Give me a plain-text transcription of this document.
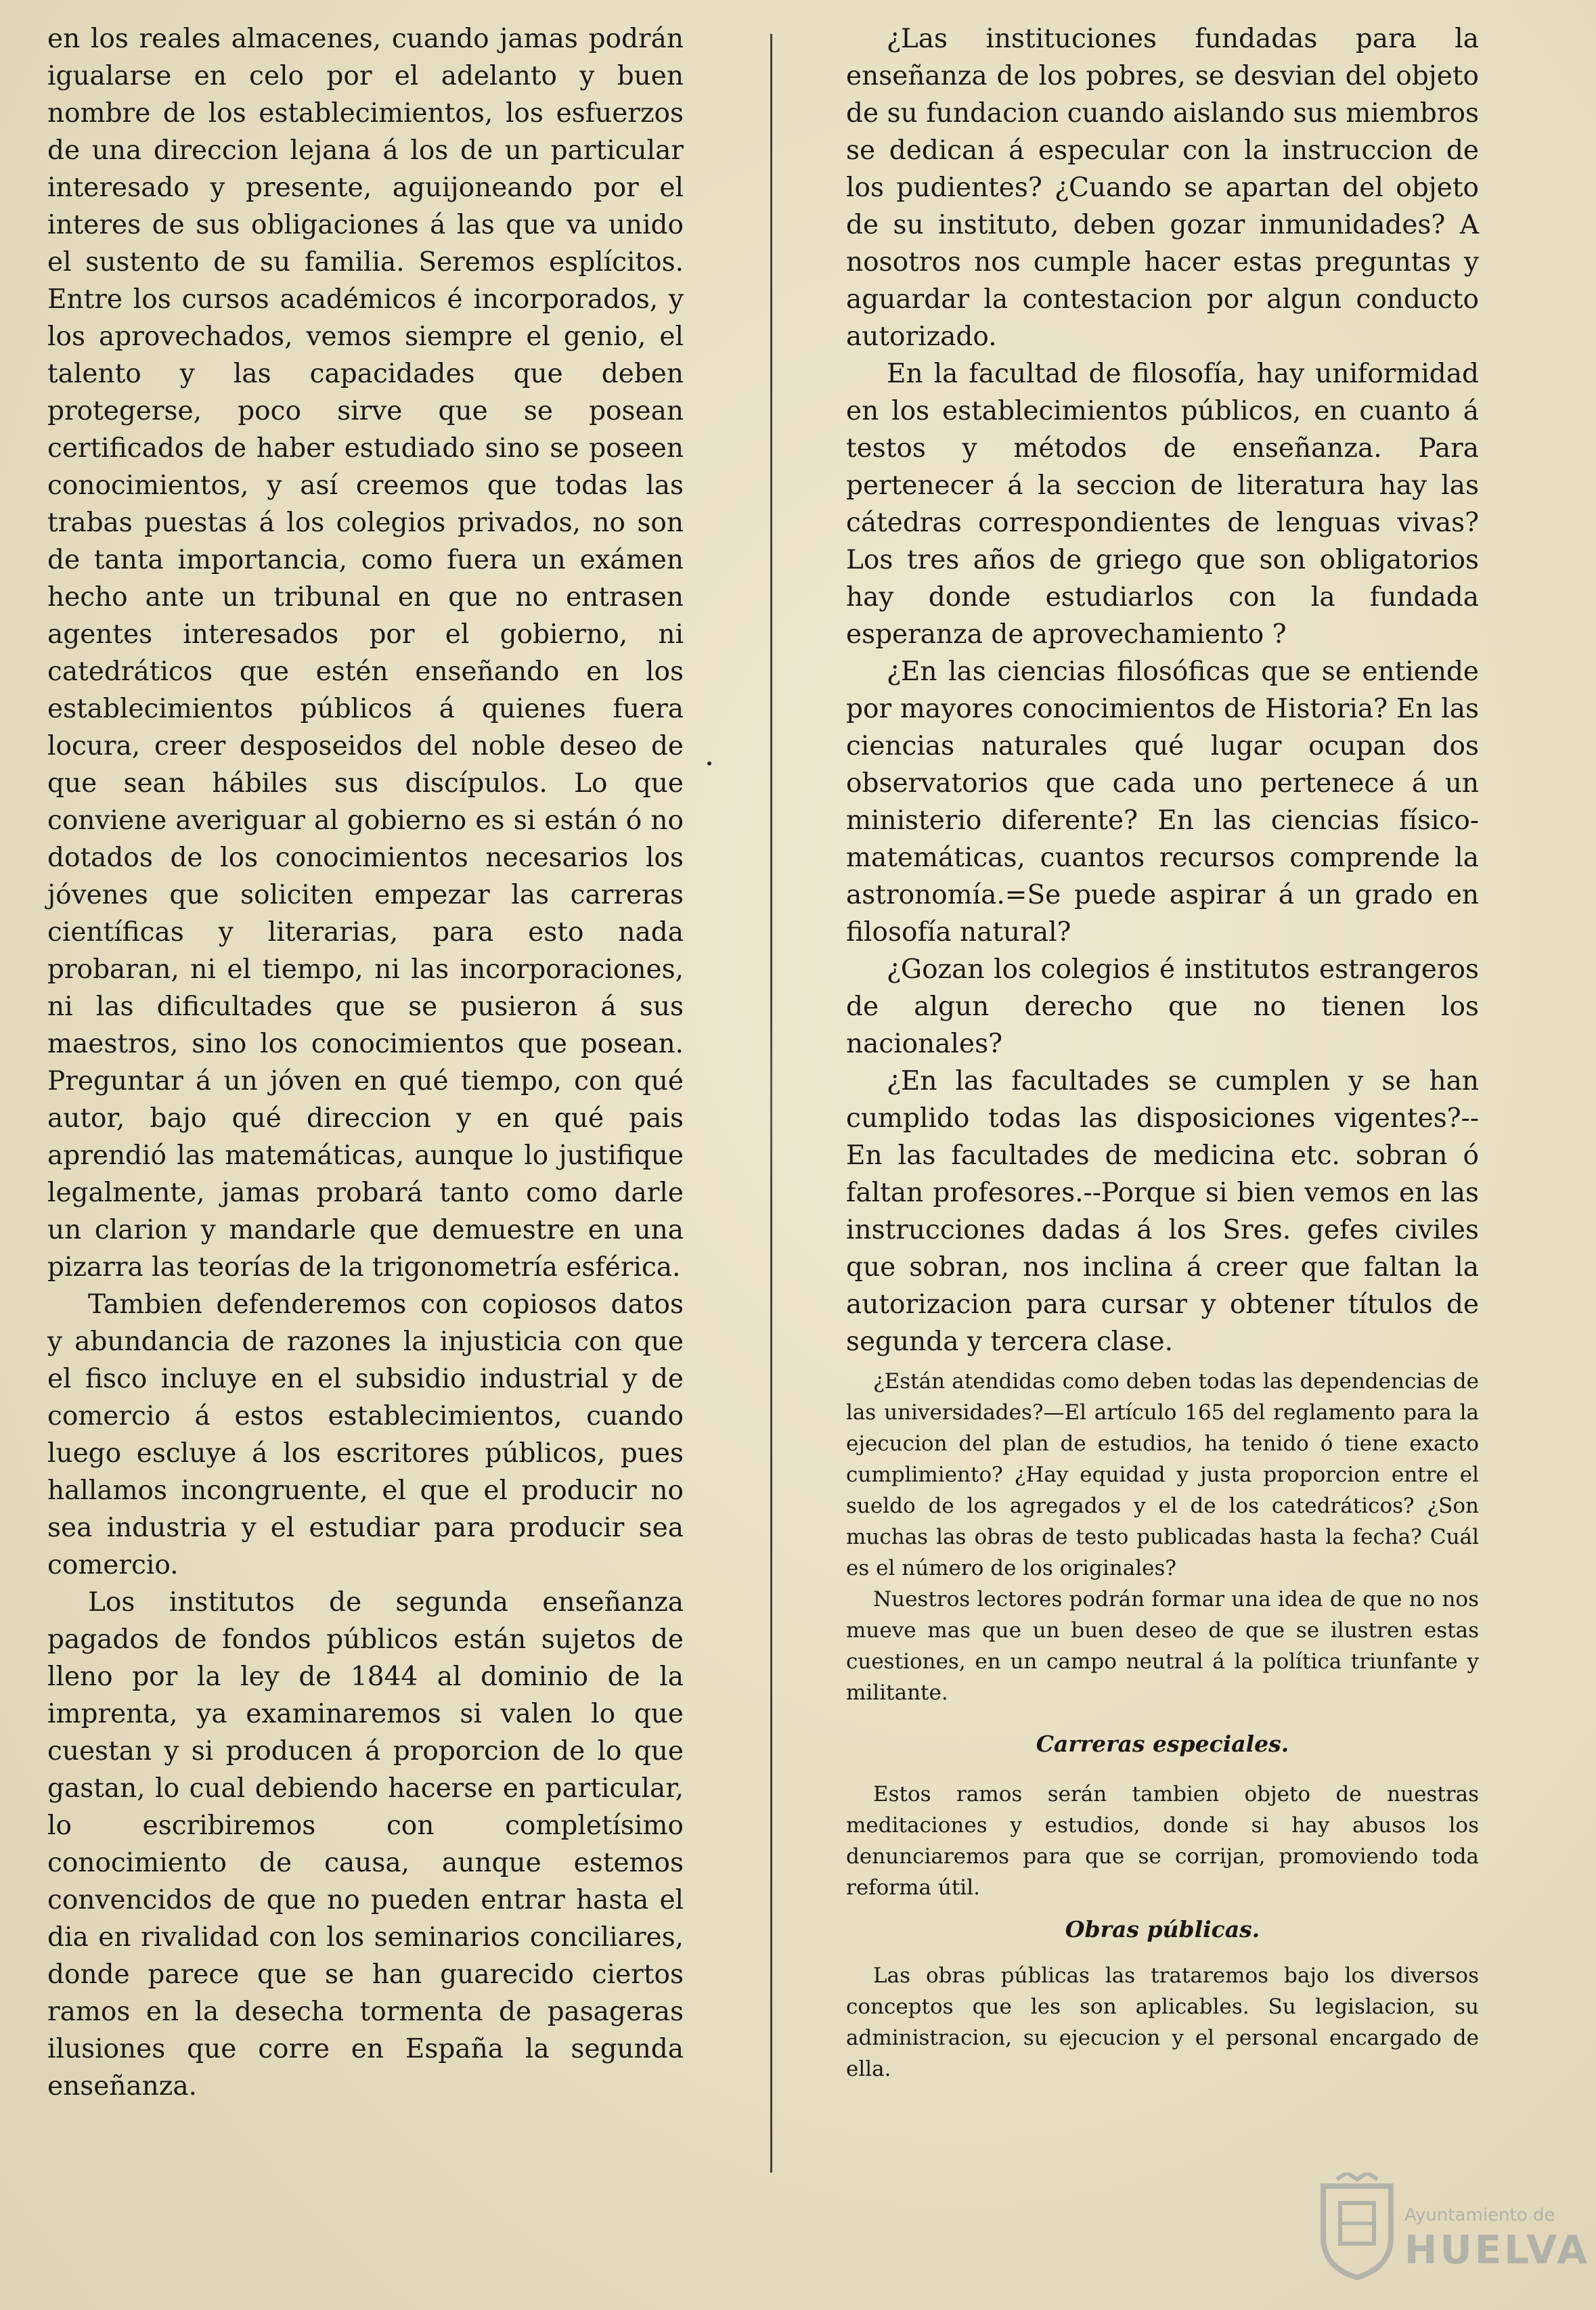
en los reales almacenes, cuando jamas podrán igualarse en celo por el adelanto y buen nombre de los establecimientos, los esfuerzos de una direccion lejana á los de un particular interesado y presente, aguijoneando por el interes de sus obligaciones á las que va unido el sustento de su familia. Seremos esplícitos. Entre los cursos académicos é incorporados, y los aprovechados, vemos siempre el genio, el talento y las capacidades que deben protegerse, poco sirve que se posean certificados de haber estudiado sino se poseen conocimientos, y así creemos que todas las trabas puestas á los colegios privados, no son de tanta importancia, como fuera un exámen hecho ante un tribunal en que no entrasen agentes interesados por el gobierno, ni catedráticos que estén enseñando en los establecimientos públicos á quienes fuera locura, creer desposeidos del noble deseo de que sean hábiles sus discípulos. Lo que conviene averiguar al gobierno es si están ó no dotados de los conocimientos necesarios los jóvenes que soliciten empezar las carreras científicas y literarias, para esto nada probaran, ni el tiempo, ni las incorporaciones, ni las dificultades que se pusieron á sus maestros, sino los conocimientos que posean. Preguntar á un jóven en qué tiempo, con qué autor, bajo qué direccion y en qué pais aprendió las matemáticas, aunque lo justifique legalmente, jamas probará tanto como darle un clarion y mandarle que demuestre en una pizarra las teorías de la trigonometría esférica.

Tambien defenderemos con copiosos datos y abundancia de razones la injusticia con que el fisco incluye en el subsidio industrial y de comercio á estos establecimientos, cuando luego escluye á los escritores públicos, pues hallamos incongruente, el que el producir no sea industria y el estudiar para producir sea comercio.

Los institutos de segunda enseñanza pagados de fondos públicos están sujetos de lleno por la ley de 1844 al dominio de la imprenta, ya examinaremos si valen lo que cuestan y si producen á proporcion de lo que gastan, lo cual debiendo hacerse en particular, lo escribiremos con completísimo conocimiento de causa, aunque estemos convencidos de que no pueden entrar hasta el dia en rivalidad con los seminarios conciliares, donde parece que se han guarecido ciertos ramos en la desecha tormenta de pasageras ilusiones que corre en España la segunda enseñanza.

¿Las instituciones fundadas para la enseñanza de los pobres, se desvian del objeto de su fundacion cuando aislando sus miembros se dedican á especular con la instruccion de los pudientes? ¿Cuando se apartan del objeto de su instituto, deben gozar inmunidades? A nosotros nos cumple hacer estas preguntas y aguardar la contestacion por algun conducto autorizado.

En la facultad de filosofía, hay uniformidad en los establecimientos públicos, en cuanto á testos y métodos de enseñanza. Para pertenecer á la seccion de literatura hay las cátedras correspondientes de lenguas vivas? Los tres años de griego que son obligatorios hay donde estudiarlos con la fundada esperanza de aprovechamiento ?

¿En las ciencias filosóficas que se entiende por mayores conocimientos de Historia? En las ciencias naturales qué lugar ocupan dos observatorios que cada uno pertenece á un ministerio diferente? En las ciencias físico-matemáticas, cuantos recursos comprende la astronomía.=Se puede aspirar á un grado en filosofía natural?

¿Gozan los colegios é institutos estrangeros de algun derecho que no tienen los nacionales?

¿En las facultades se cumplen y se han cumplido todas las disposiciones vigentes?-- En las facultades de medicina etc. sobran ó faltan profesores.--Porque si bien vemos en las instrucciones dadas á los Sres. gefes civiles que sobran, nos inclina á creer que faltan la autorizacion para cursar y obtener títulos de segunda y tercera clase.

¿Están atendidas como deben todas las dependencias de las universidades?—El artículo 165 del reglamento para la ejecucion del plan de estudios, ha tenido ó tiene exacto cumplimiento? ¿Hay equidad y justa proporcion entre el sueldo de los agregados y el de los catedráticos? ¿Son muchas las obras de testo publicadas hasta la fecha? Cuál es el número de los originales?

Nuestros lectores podrán formar una idea de que no nos mueve mas que un buen deseo de que se ilustren estas cuestiones, en un campo neutral á la política triunfante y militante.

Carreras especiales.

Estos ramos serán tambien objeto de nuestras meditaciones y estudios, donde si hay abusos los denunciaremos para que se corrijan, promoviendo toda reforma útil.

Obras públicas.

Las obras públicas las trataremos bajo los diversos conceptos que les son aplicables. Su legislacion, su administracion, su ejecucion y el personal encargado de ella.

Ayuntamiento de
HUELVA
